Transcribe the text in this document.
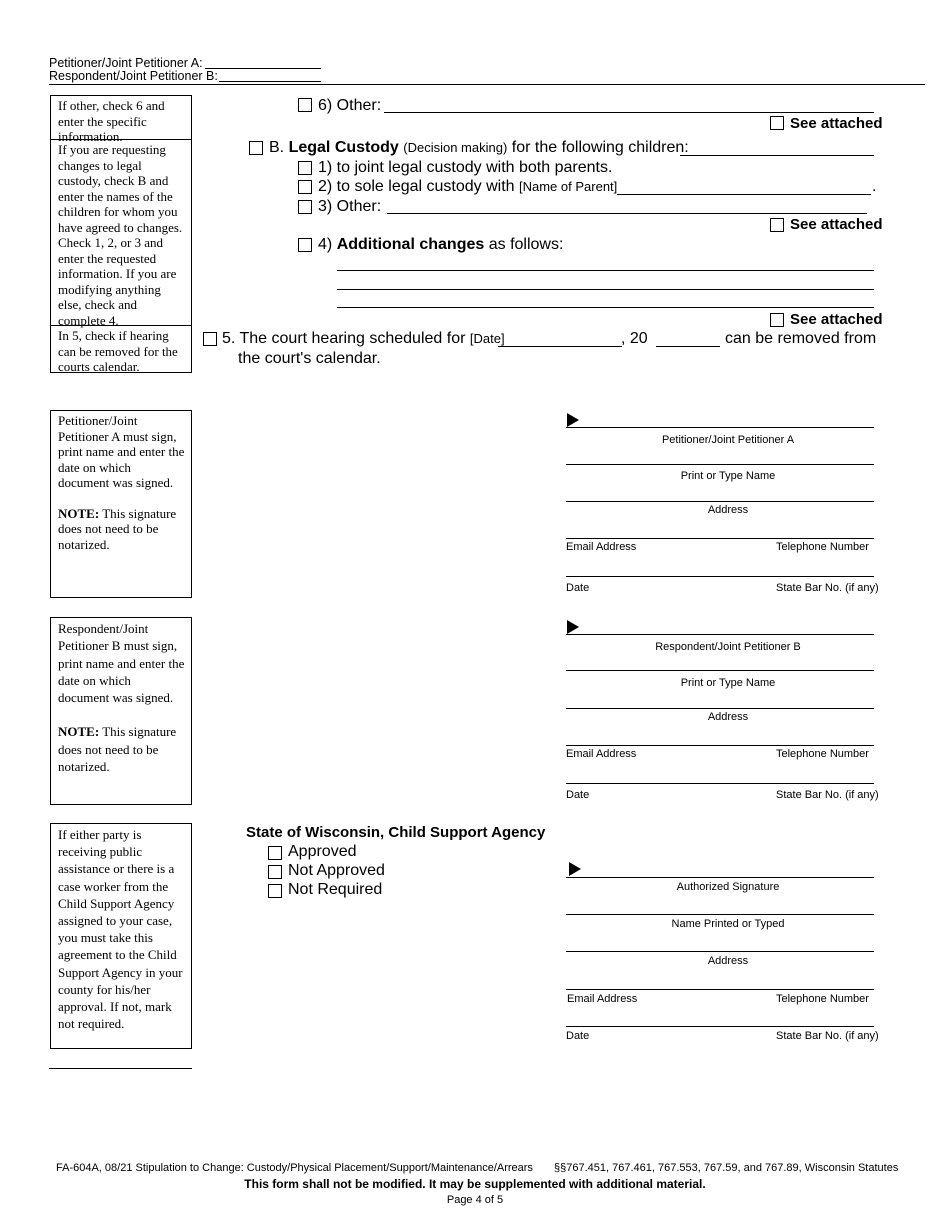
Petitioner/Joint Petitioner A:
Respondent/Joint Petitioner B:

If other, check 6 and enter the specific information.

If you are requesting changes to legal custody, check B and enter the names of the children for whom you have agreed to changes. Check 1, 2, or 3 and enter the requested information. If you are modifying anything else, check and complete 4.

In 5, check if hearing can be removed for the courts calendar.

6) Other:
See attached
B. Legal Custody (Decision making) for the following children:
1) to joint legal custody with both parents.
2) to sole legal custody with [Name of Parent]	.
3) Other:
See attached
4) Additional changes as follows:
See attached
5. The court hearing scheduled for [Date]	, 20	can be removed from
the court's calendar.

Petitioner/Joint Petitioner A must sign, print name and enter the date on which document was signed.

NOTE: This signature does not need to be notarized.

Petitioner/Joint Petitioner A
Print or Type Name
Address
Email Address	Telephone Number
Date	State Bar No. (if any)

Respondent/Joint Petitioner B must sign, print name and enter the date on which document was signed.

NOTE: This signature does not need to be notarized.

Respondent/Joint Petitioner B
Print or Type Name
Address
Email Address	Telephone Number
Date	State Bar No. (if any)

If either party is receiving public assistance or there is a case worker from the Child Support Agency assigned to your case, you must take this agreement to the Child Support Agency in your county for his/her approval. If not, mark not required.

State of Wisconsin, Child Support Agency
Approved
Not Approved
Not Required	Authorized Signature
Name Printed or Typed
Address
Email Address	Telephone Number
Date	State Bar No. (if any)
FA-604A, 08/21 Stipulation to Change: Custody/Physical Placement/Support/Maintenance/Arrears §§767.451, 767.461, 767.553, 767.59, and 767.89, Wisconsin Statutes
This form shall not be modified. It may be supplemented with additional material.
Page 4 of 5
